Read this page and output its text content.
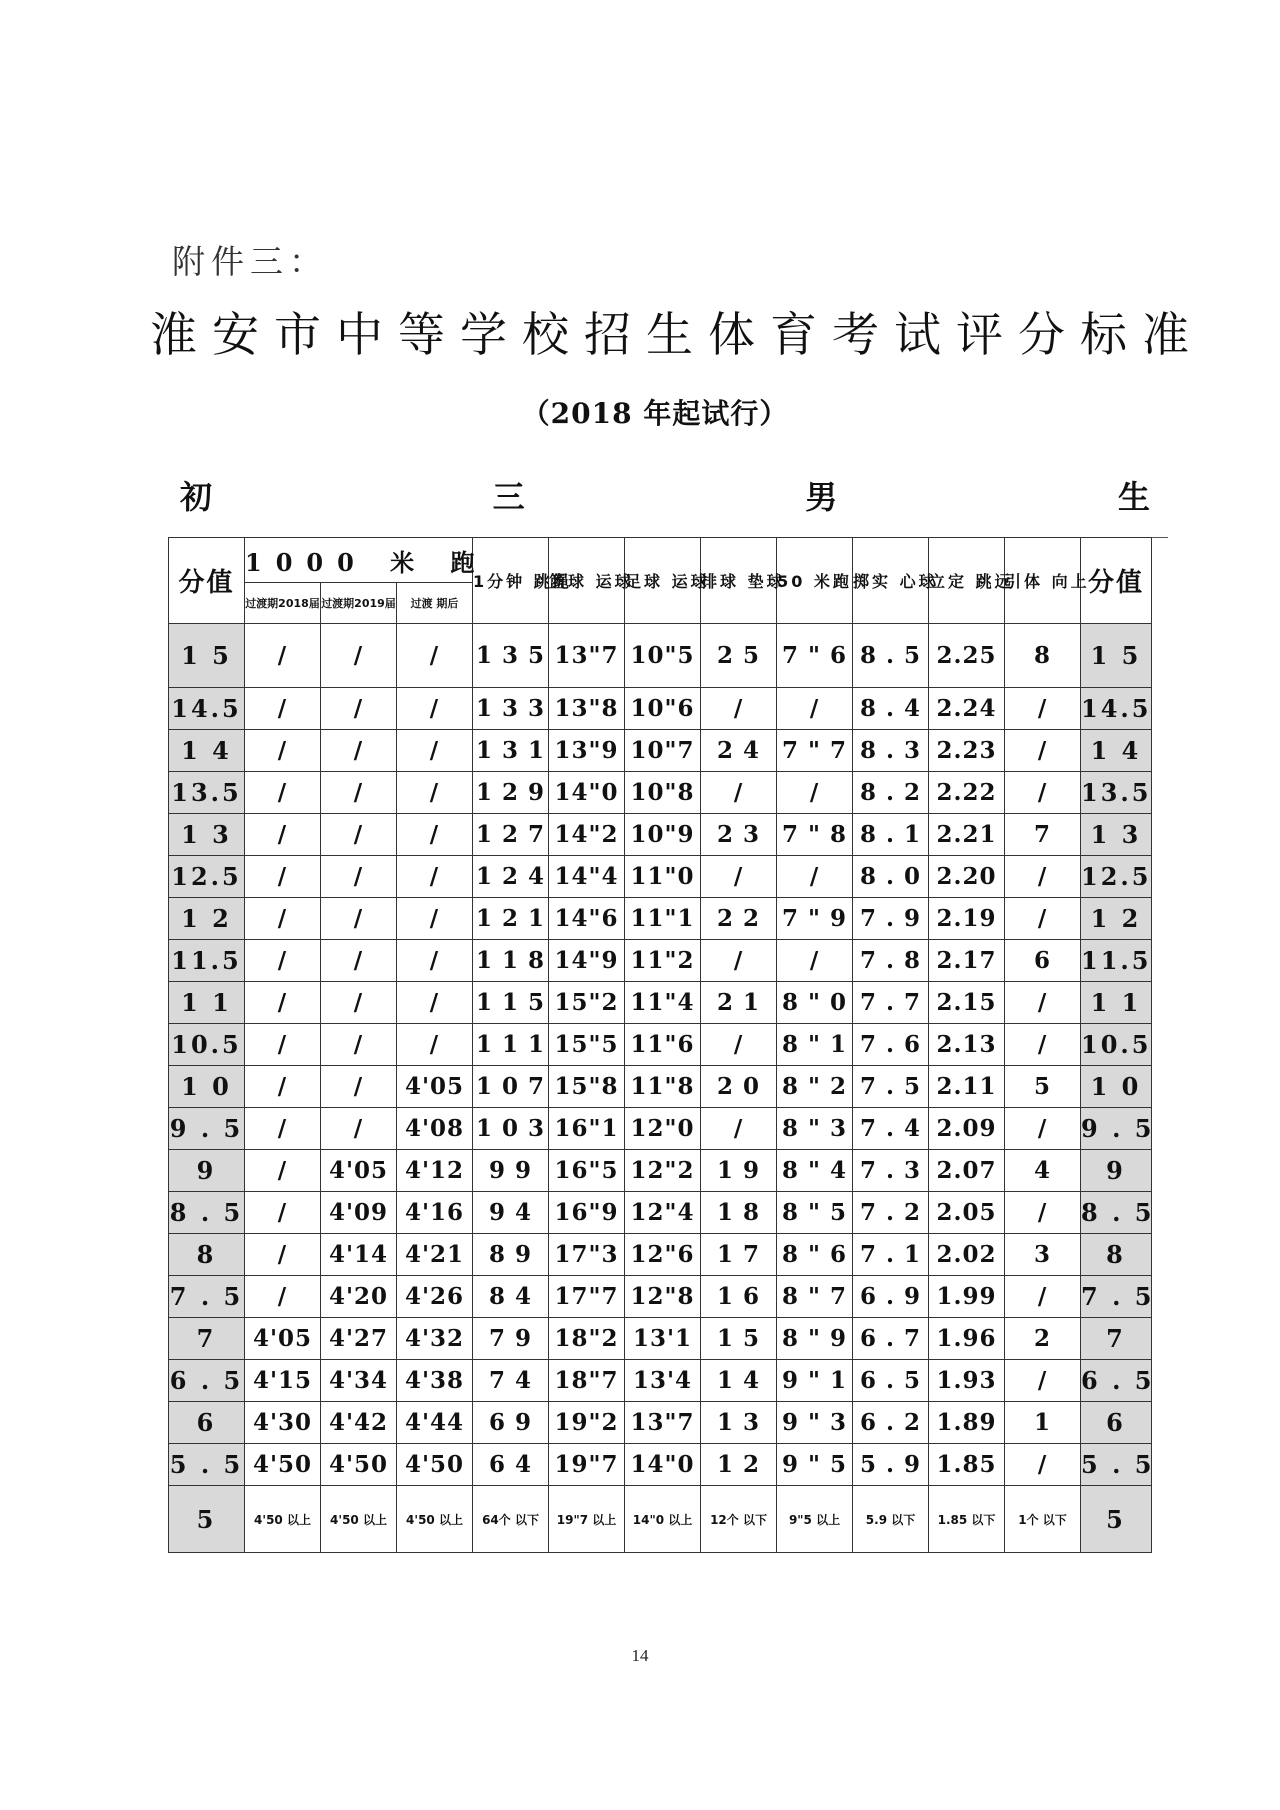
附件三：
淮安市中等学校招生体育考试评分标准
（2018 年起试行）
初	三	男	生
分值	1000 米 跑			1分钟 跳绳	篮球 运球	足球 运球	排球 垫球	50 米跑	掷实 心球	立定 跳远	引体 向上	分值
	过渡期2018届	过渡期2019届	过渡 期后									
1 5	/	/	/	1 3 5	13"7	10"5	2 5	7 " 6	8 . 5	2.25	8	1 5
14.5	/	/	/	1 3 3	13"8	10"6	/	/	8 . 4	2.24	/	14.5
1 4	/	/	/	1 3 1	13"9	10"7	2 4	7 " 7	8 . 3	2.23	/	1 4
13.5	/	/	/	1 2 9	14"0	10"8	/	/	8 . 2	2.22	/	13.5
1 3	/	/	/	1 2 7	14"2	10"9	2 3	7 " 8	8 . 1	2.21	7	1 3
12.5	/	/	/	1 2 4	14"4	11"0	/	/	8 . 0	2.20	/	12.5
1 2	/	/	/	1 2 1	14"6	11"1	2 2	7 " 9	7 . 9	2.19	/	1 2
11.5	/	/	/	1 1 8	14"9	11"2	/	/	7 . 8	2.17	6	11.5
1 1	/	/	/	1 1 5	15"2	11"4	2 1	8 " 0	7 . 7	2.15	/	1 1
10.5	/	/	/	1 1 1	15"5	11"6	/	8 " 1	7 . 6	2.13	/	10.5
1 0	/	/	4'05	1 0 7	15"8	11"8	2 0	8 " 2	7 . 5	2.11	5	1 0
9 . 5	/	/	4'08	1 0 3	16"1	12"0	/	8 " 3	7 . 4	2.09	/	9 . 5
9	/	4'05	4'12	9 9	16"5	12"2	1 9	8 " 4	7 . 3	2.07	4	9
8 . 5	/	4'09	4'16	9 4	16"9	12"4	1 8	8 " 5	7 . 2	2.05	/	8 . 5
8	/	4'14	4'21	8 9	17"3	12"6	1 7	8 " 6	7 . 1	2.02	3	8
7 . 5	/	4'20	4'26	8 4	17"7	12"8	1 6	8 " 7	6 . 9	1.99	/	7 . 5
7	4'05	4'27	4'32	7 9	18"2	13'1	1 5	8 " 9	6 . 7	1.96	2	7
6 . 5	4'15	4'34	4'38	7 4	18"7	13'4	1 4	9 " 1	6 . 5	1.93	/	6 . 5
6	4'30	4'42	4'44	6 9	19"2	13"7	1 3	9 " 3	6 . 2	1.89	1	6
5 . 5	4'50	4'50	4'50	6 4	19"7	14"0	1 2	9 " 5	5 . 9	1.85	/	5 . 5
5	4'50 以上	4'50 以上	4'50 以上	64个 以下	19"7 以上	14"0 以上	12个 以下	9"5 以上	5.9 以下	1.85 以下	1个 以下	5
14
